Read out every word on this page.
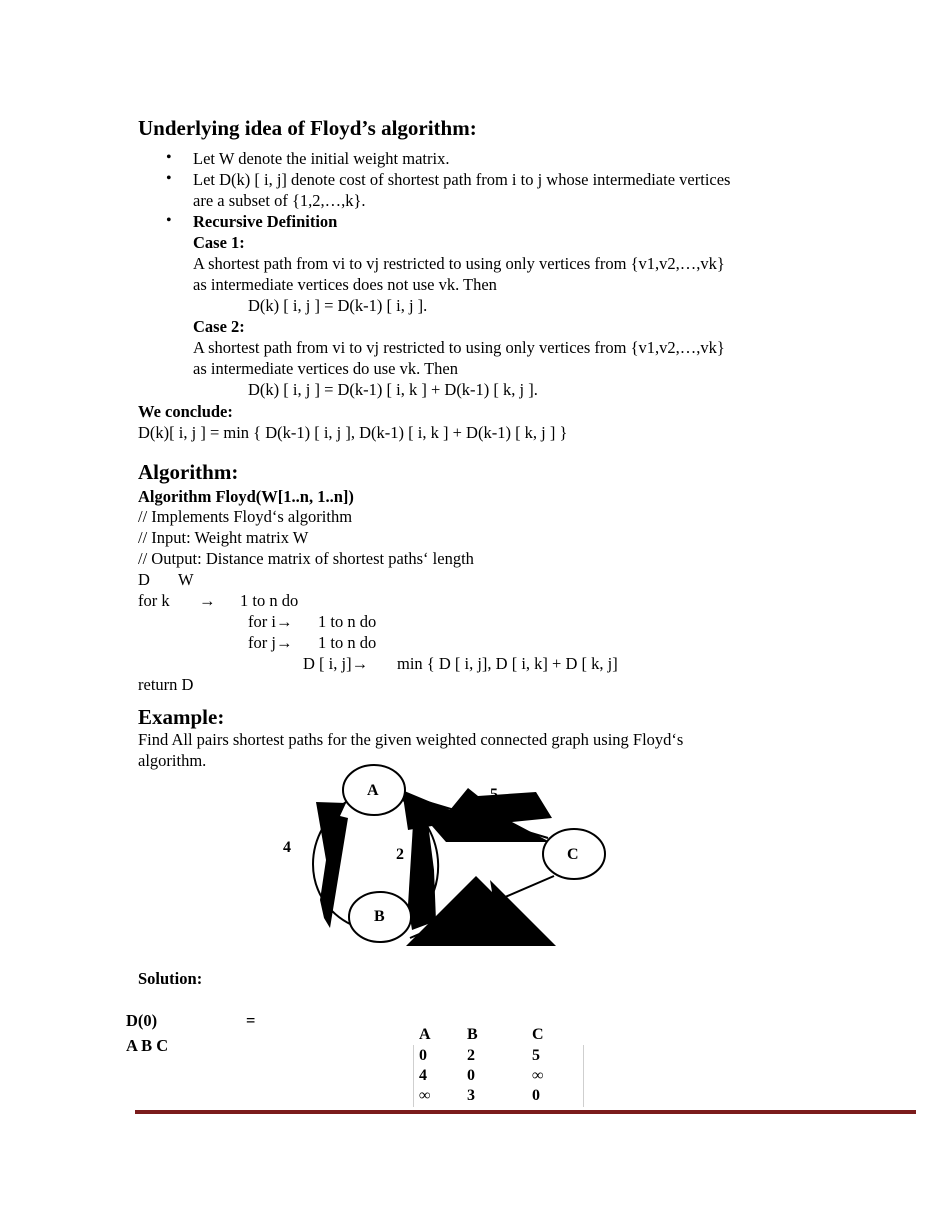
Underlying idea of Floyd’s algorithm:
• Let W denote the initial weight matrix.
• Let D(k) [ i, j] denote cost of shortest path from i to j whose intermediate vertices
are a subset of {1,2,…,k}.
• Recursive Definition
Case 1:
A shortest path from vi to vj restricted to using only vertices from {v1,v2,…,vk}
as intermediate vertices does not use vk. Then
D(k) [ i, j ] = D(k-1) [ i, j ].
Case 2:
A shortest path from vi to vj restricted to using only vertices from {v1,v2,…,vk}
as intermediate vertices do use vk. Then
D(k) [ i, j ] = D(k-1) [ i, k ] + D(k-1) [ k, j ].
We conclude:
D(k)[ i, j ] = min { D(k-1) [ i, j ], D(k-1) [ i, k ] + D(k-1) [ k, j ] }
Algorithm:
Algorithm Floyd(W[1..n, 1..n])
// Implements Floyd‘s algorithm
// Input: Weight matrix W
// Output: Distance matrix of shortest paths‘ length
D W
for k → 1 to n do
for i→ 1 to n do
for j→ 1 to n do
D [ i, j]→ min { D [ i, j], D [ i, k] + D [ k, j]
return D
Example:
Find All pairs shortest paths for the given weighted connected graph using Floyd‘s
algorithm.
A
B
C
5
4	2
Solution:
D(0)	=
A B C
A B	C
0	2	5
4	0	∞
∞ 3	0
